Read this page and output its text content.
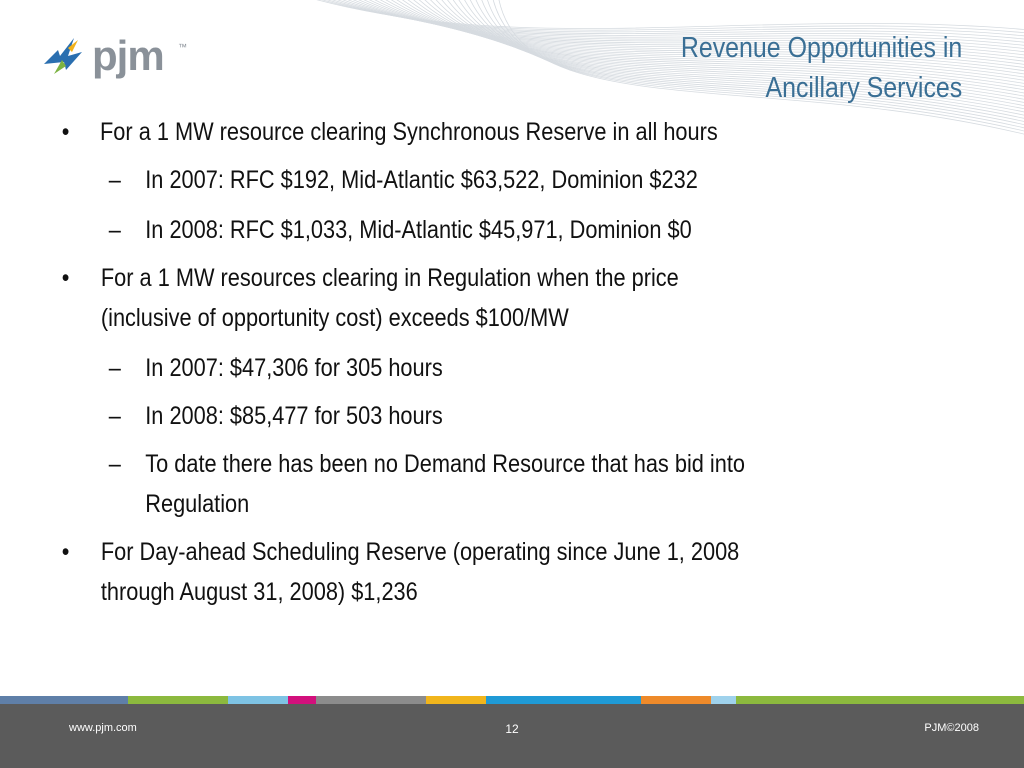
pjm ™	Revenue Opportunities in
Ancillary Services
• For a 1 MW resource clearing Synchronous Reserve in all hours
– In 2007: RFC $192, Mid-Atlantic $63,522, Dominion $232
– In 2008: RFC $1,033, Mid-Atlantic $45,971, Dominion $0
• For a 1 MW resources clearing in Regulation when the price
(inclusive of opportunity cost) exceeds $100/MW
– In 2007: $47,306 for 305 hours
– In 2008: $85,477 for 503 hours
– To date there has been no Demand Resource that has bid into
Regulation
• For Day-ahead Scheduling Reserve (operating since June 1, 2008
through August 31, 2008) $1,236
www.pjm.com	12	PJM©2008
